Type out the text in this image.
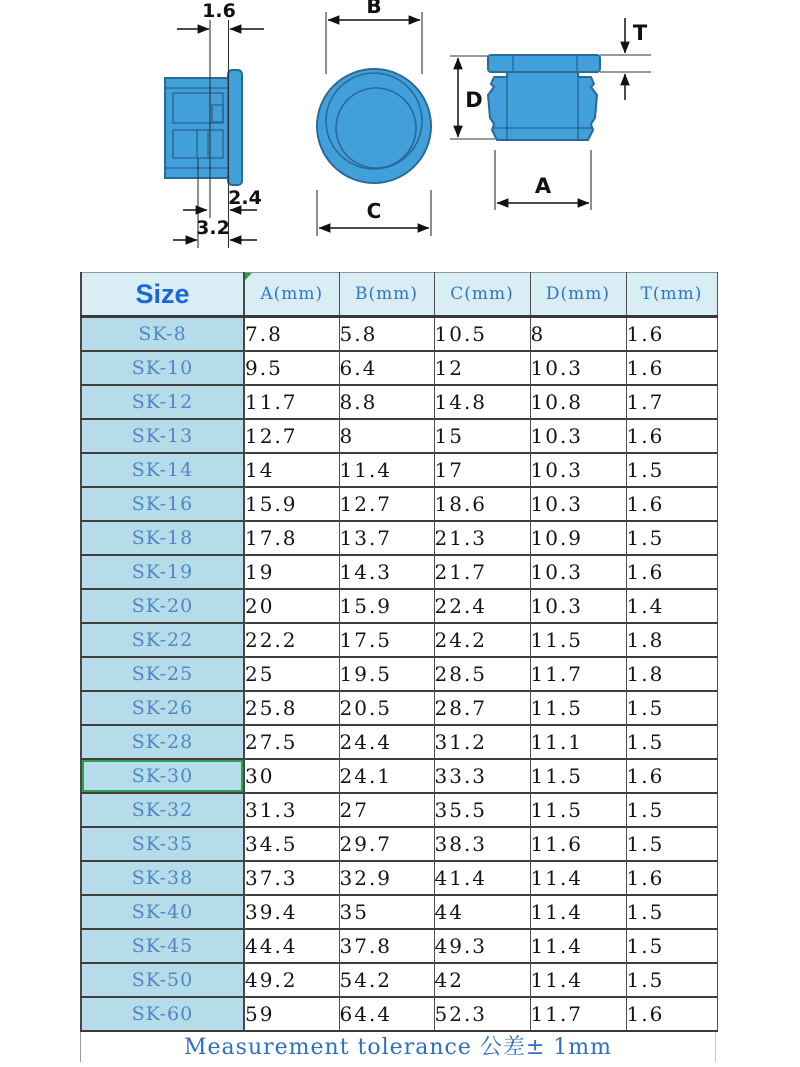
1.6
2.4
3.2
B
C
T
D
A
Size	A(mm)	B(mm)	C(mm)	D(mm)	T(mm)
SK-8	7.8	5.8	10.5	8	1.6
SK-10	9.5	6.4	12	10.3	1.6
SK-12	11.7	8.8	14.8	10.8	1.7
SK-13	12.7	8	15	10.3	1.6
SK-14	14	11.4	17	10.3	1.5
SK-16	15.9	12.7	18.6	10.3	1.6
SK-18	17.8	13.7	21.3	10.9	1.5
SK-19	19	14.3	21.7	10.3	1.6
SK-20	20	15.9	22.4	10.3	1.4
SK-22	22.2	17.5	24.2	11.5	1.8
SK-25	25	19.5	28.5	11.7	1.8
SK-26	25.8	20.5	28.7	11.5	1.5
SK-28	27.5	24.4	31.2	11.1	1.5
SK-30	30	24.1	33.3	11.5	1.6
SK-32	31.3	27	35.5	11.5	1.5
SK-35	34.5	29.7	38.3	11.6	1.5
SK-38	37.3	32.9	41.4	11.4	1.6
SK-40	39.4	35	44	11.4	1.5
SK-45	44.4	37.8	49.3	11.4	1.5
SK-50	49.2	54.2	42	11.4	1.5
SK-60	59	64.4	52.3	11.7	1.6
Measurement tolerance 公差± 1mm
